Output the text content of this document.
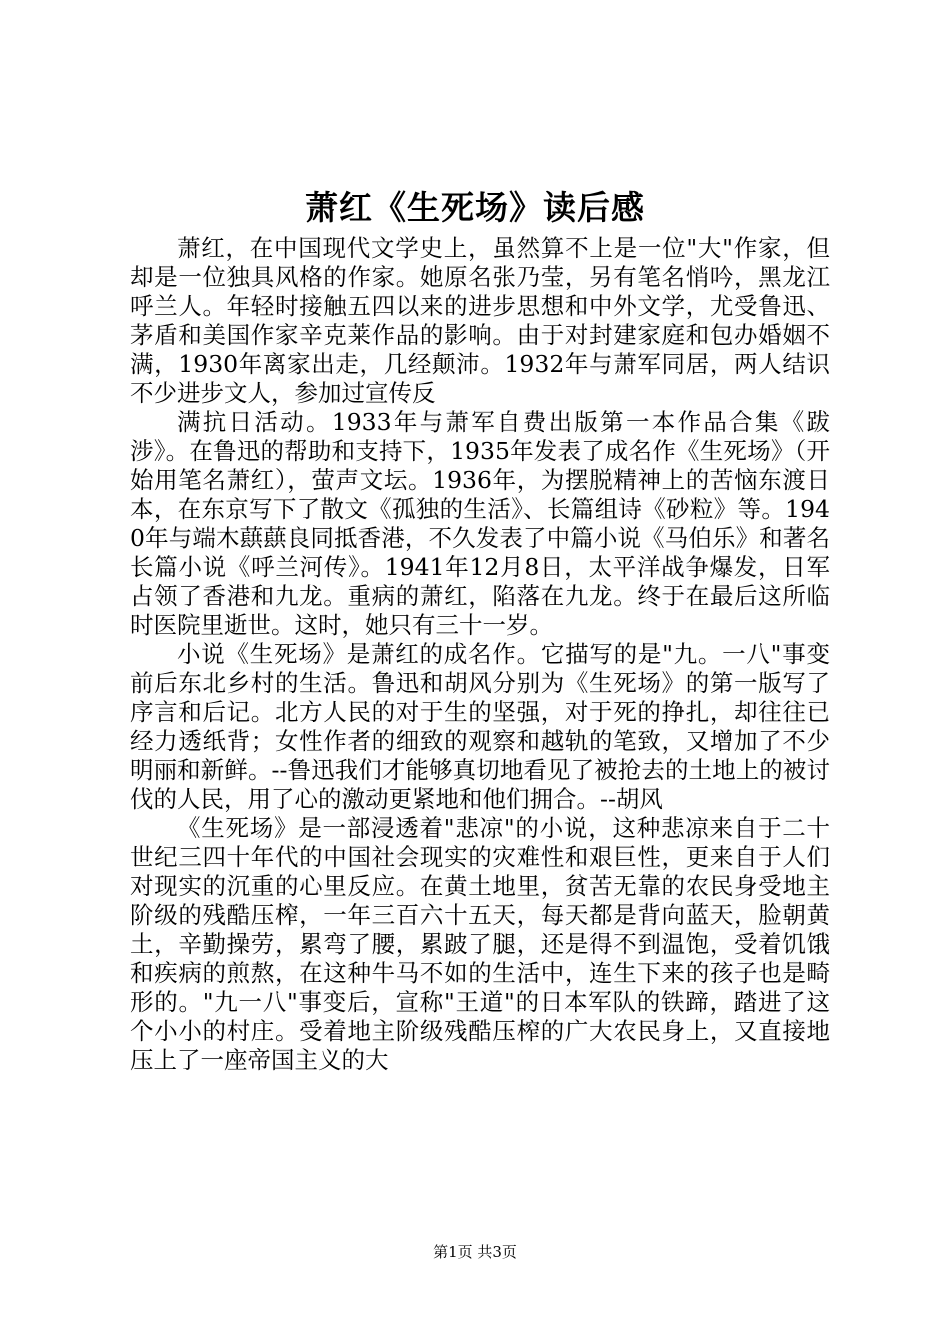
萧红《生死场》读后感

萧红，在中国现代文学史上，虽然算不上是一位"大"作家，但却是一位独具风格的作家。她原名张乃莹，另有笔名悄吟，黑龙江呼兰人。年轻时接触五四以来的进步思想和中外文学，尤受鲁迅、茅盾和美国作家辛克莱作品的影响。由于对封建家庭和包办婚姻不满，1930年离家出走，几经颠沛。1932年与萧军同居，两人结识不少进步文人，参加过宣传反

满抗日活动。1933年与萧军自费出版第一本作品合集《跋涉》。在鲁迅的帮助和支持下，1935年发表了成名作《生死场》（开始用笔名萧红），萤声文坛。1936年，为摆脱精神上的苦恼东渡日本，在东京写下了散文《孤独的生活》、长篇组诗《砂粒》等。1940年与端木蕻蕻良同抵香港，不久发表了中篇小说《马伯乐》和著名长篇小说《呼兰河传》。1941年12月8日，太平洋战争爆发，日军占领了香港和九龙。重病的萧红，陷落在九龙。终于在最后这所临时医院里逝世。这时，她只有三十一岁。

小说《生死场》是萧红的成名作。它描写的是"九。一八"事变前后东北乡村的生活。鲁迅和胡风分别为《生死场》的第一版写了序言和后记。北方人民的对于生的坚强，对于死的挣扎，却往往已经力透纸背；女性作者的细致的观察和越轨的笔致，又增加了不少明丽和新鲜。--鲁迅我们才能够真切地看见了被抢去的土地上的被讨伐的人民，用了心的激动更紧地和他们拥合。--胡风

《生死场》是一部浸透着"悲凉"的小说，这种悲凉来自于二十世纪三四十年代的中国社会现实的灾难性和艰巨性，更来自于人们对现实的沉重的心里反应。在黄土地里，贫苦无靠的农民身受地主阶级的残酷压榨，一年三百六十五天，每天都是背向蓝天，脸朝黄土，辛勤操劳，累弯了腰，累跛了腿，还是得不到温饱，受着饥饿和疾病的煎熬，在这种牛马不如的生活中，连生下来的孩子也是畸形的。"九一八"事变后，宣称"王道"的日本军队的铁蹄，踏进了这个小小的村庄。受着地主阶级残酷压榨的广大农民身上，又直接地压上了一座帝国主义的大

第1页 共3页
